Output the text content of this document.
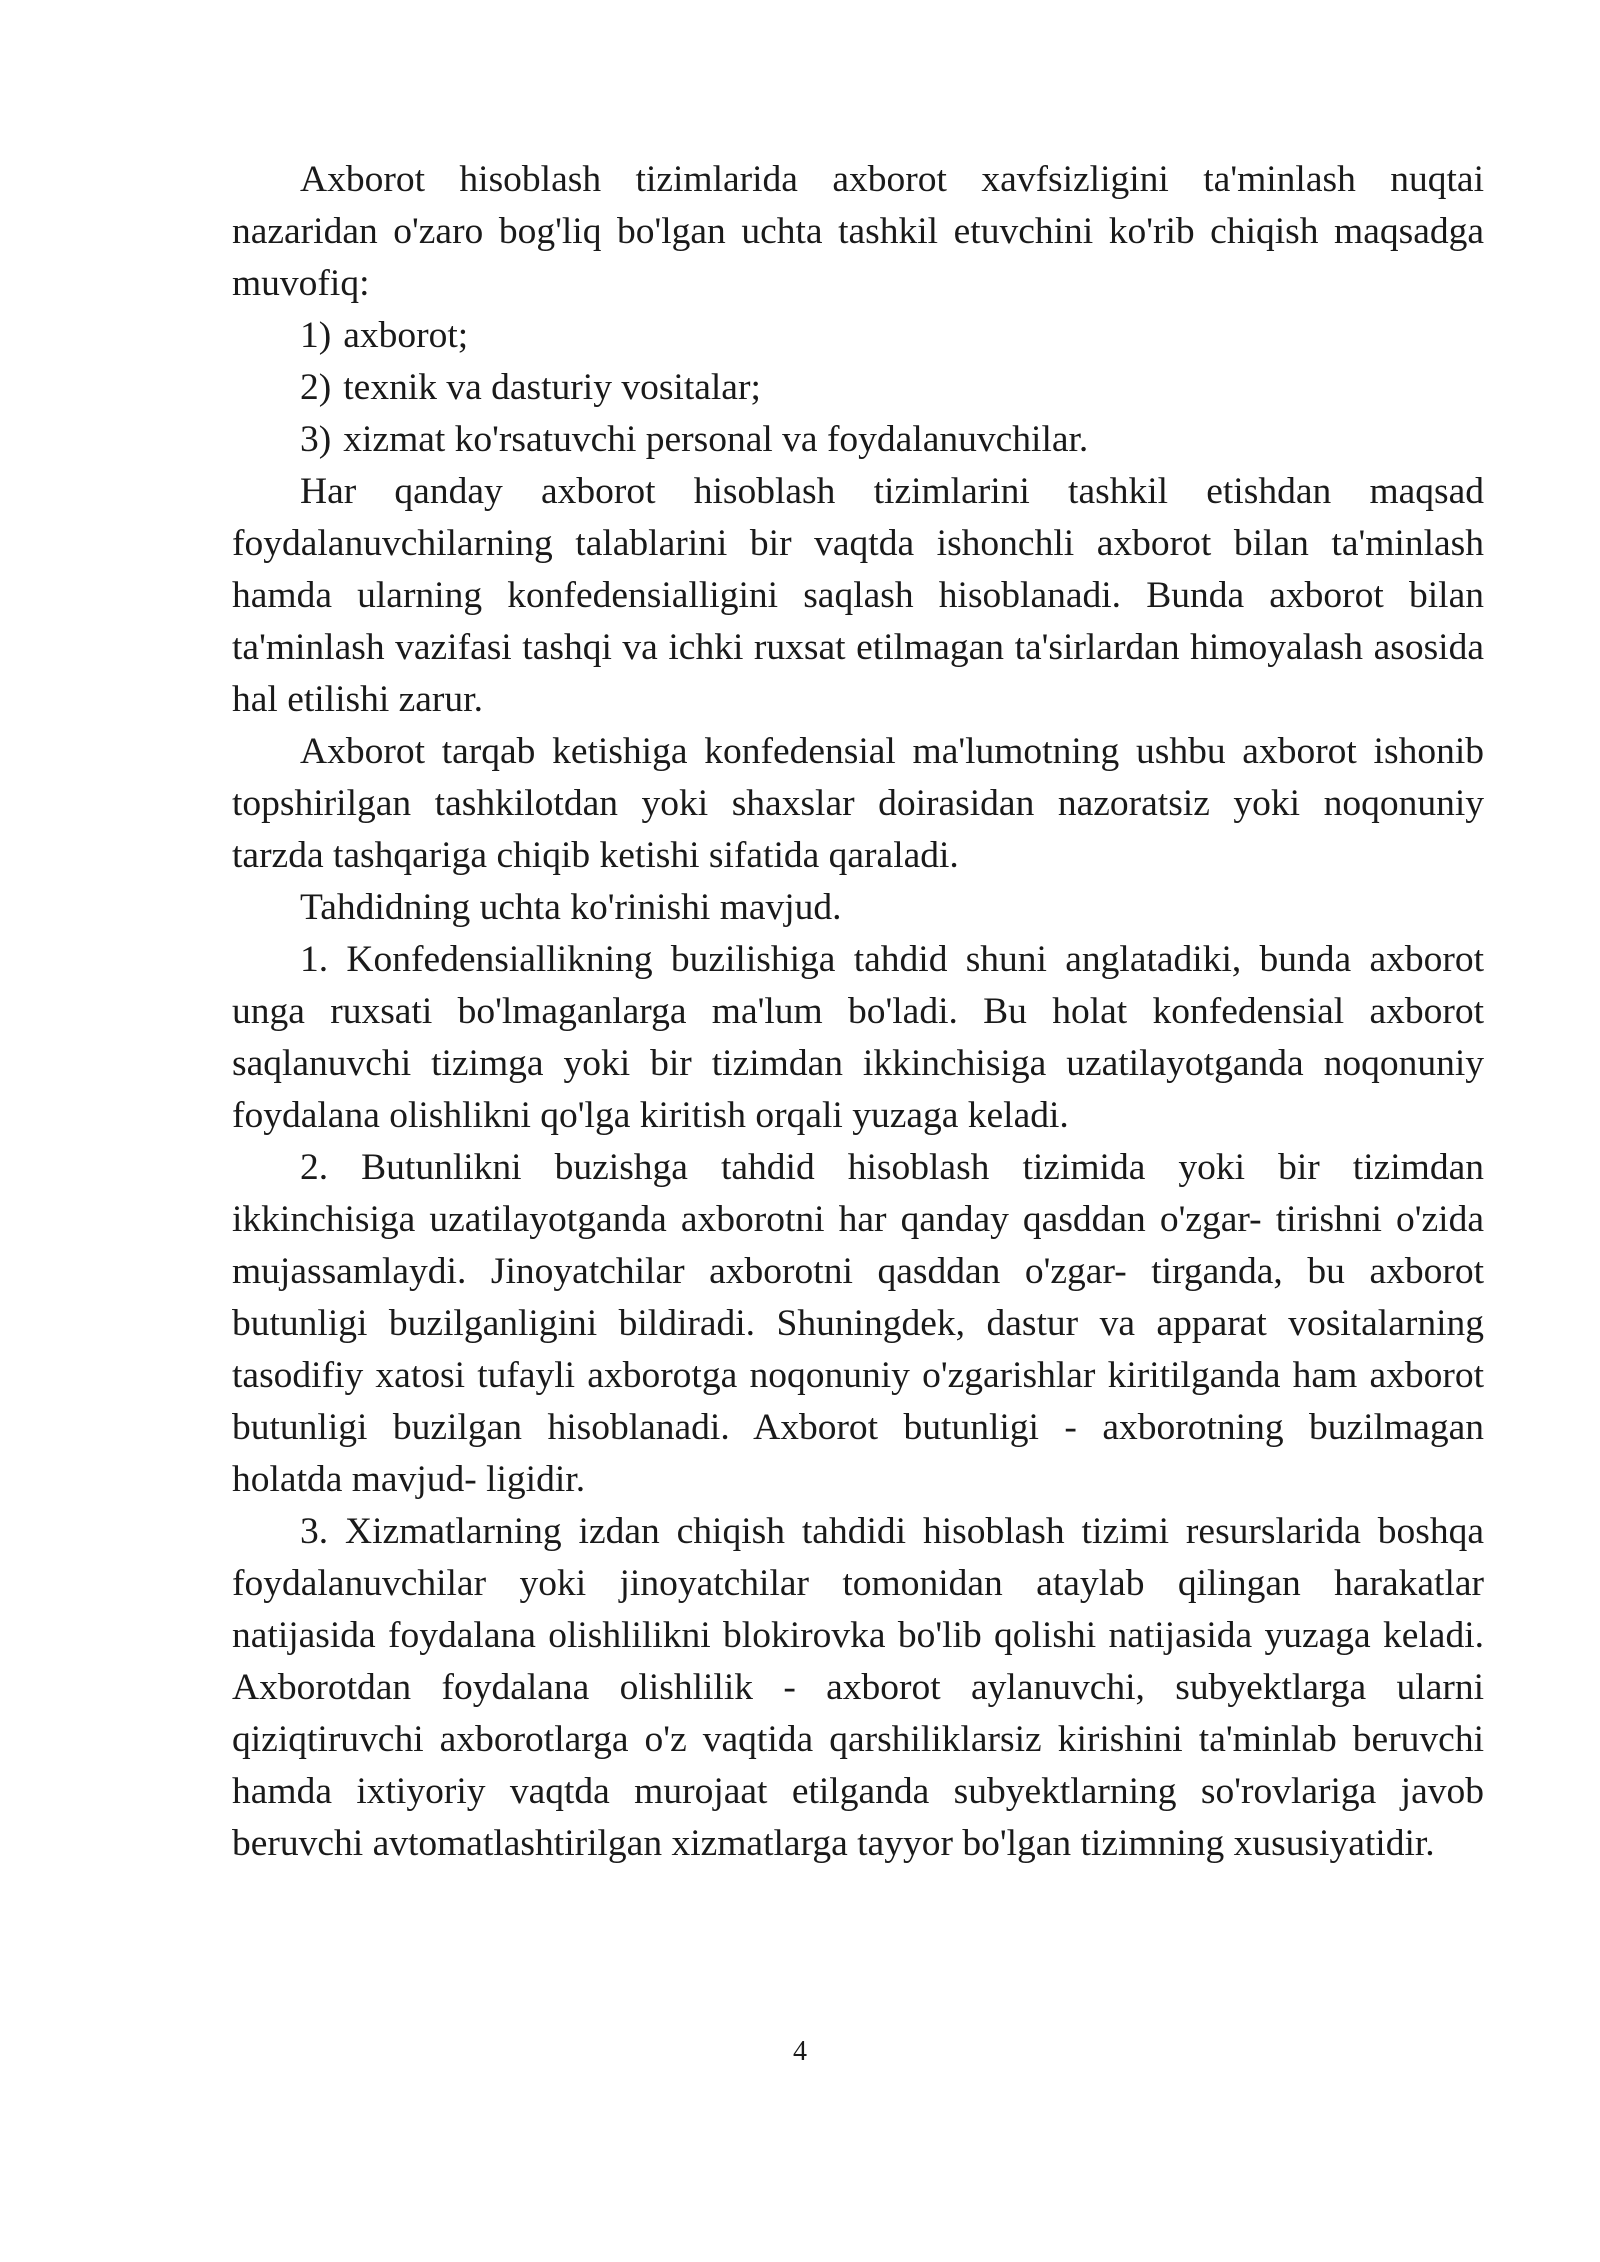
Axborot hisoblash tizimlarida axborot xavfsizligini ta'minlash nuqtai nazaridan o'zaro bog'liq bo'lgan uchta tashkil etuvchini ko'rib chiqish maqsadga muvofiq:

1) axborot;

2) texnik va dasturiy vositalar;

3) xizmat ko'rsatuvchi personal va foydalanuvchilar.

Har qanday axborot hisoblash tizimlarini tashkil etishdan maqsad foydalanuvchilarning talablarini bir vaqtda ishonchli axborot bilan ta'minlash hamda ularning konfedensialligini saqlash hisoblanadi. Bunda axborot bilan ta'minlash vazifasi tashqi va ichki ruxsat etilmagan ta'sirlardan himoyalash asosida hal etilishi zarur.

Axborot tarqab ketishiga konfedensial ma'lumotning ushbu axborot ishonib topshirilgan tashkilotdan yoki shaxslar doirasidan nazoratsiz yoki noqonuniy tarzda tashqariga chiqib ketishi sifatida qaraladi.

Tahdidning uchta ko'rinishi mavjud.

1. Konfedensiallikning buzilishiga tahdid shuni anglatadiki, bunda axborot unga ruxsati bo'lmaganlarga ma'lum bo'ladi. Bu holat konfedensial axborot saqlanuvchi tizimga yoki bir tizimdan ikkinchisiga uzatilayotganda noqonuniy foydalana olishlikni qo'lga kiritish orqali yuzaga keladi.

2. Butunlikni buzishga tahdid hisoblash tizimida yoki bir tizimdan ikkinchisiga uzatilayotganda axborotni har qanday qasddan o'zgar- tirishni o'zida mujassamlaydi. Jinoyatchilar axborotni qasddan o'zgar- tirganda, bu axborot butunligi buzilganligini bildiradi. Shuningdek, dastur va apparat vositalarning tasodifiy xatosi tufayli axborotga noqonuniy o'zgarishlar kiritilganda ham axborot butunligi buzilgan hisoblanadi. Axborot butunligi - axborotning buzilmagan holatda mavjud- ligidir.

3. Xizmatlarning izdan chiqish tahdidi hisoblash tizimi resurslarida boshqa foydalanuvchilar yoki jinoyatchilar tomonidan ataylab qilingan harakatlar natijasida foydalana olishlilikni blokirovka bo'lib qolishi natijasida yuzaga keladi. Axborotdan foydalana olishlilik - axborot aylanuvchi, subyektlarga ularni qiziqtiruvchi axborotlarga o'z vaqtida qarshiliklarsiz kirishini ta'minlab beruvchi hamda ixtiyoriy vaqtda murojaat etilganda subyektlarning so'rovlariga javob beruvchi avtomatlashtirilgan xizmatlarga tayyor bo'lgan tizimning xususiyatidir.

4
